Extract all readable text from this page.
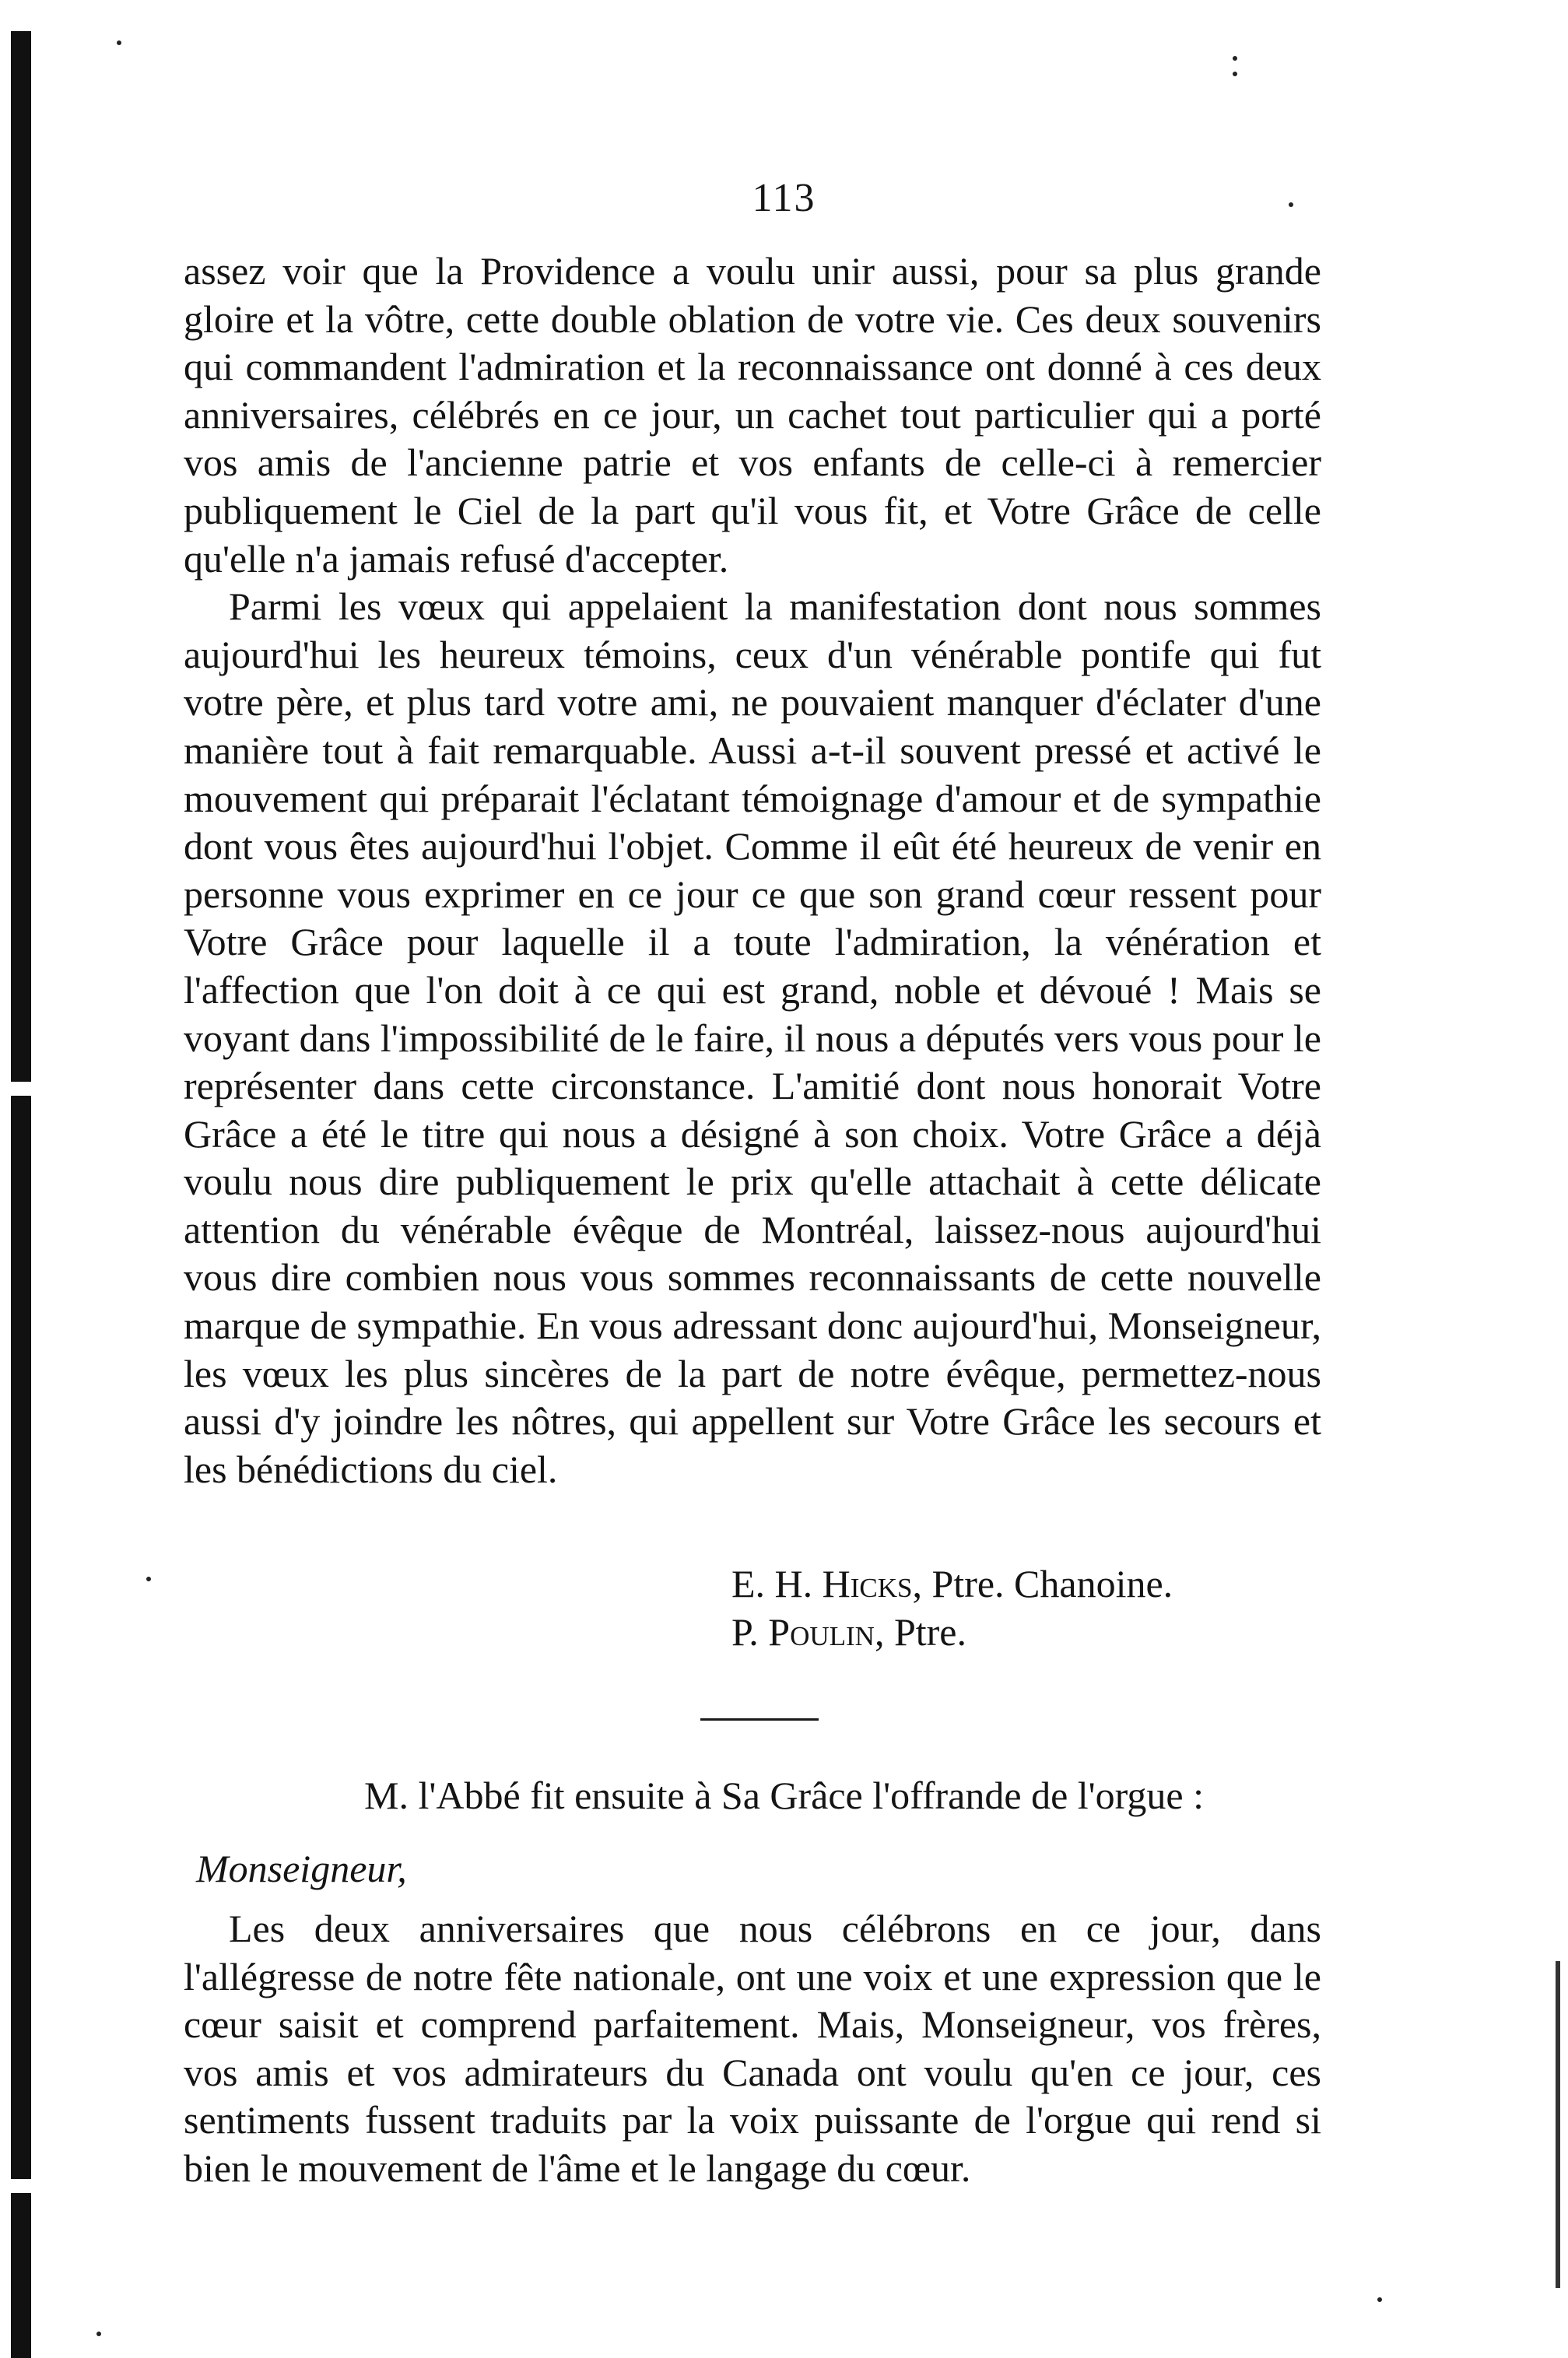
113

assez voir que la Providence a voulu unir aussi, pour sa plus grande gloire et la vôtre, cette double oblation de votre vie. Ces deux souvenirs qui commandent l'admiration et la reconnaissance ont donné à ces deux anniversaires, célébrés en ce jour, un cachet tout particulier qui a porté vos amis de l'ancienne patrie et vos enfants de celle-ci à remercier publiquement le Ciel de la part qu'il vous fit, et Votre Grâce de celle qu'elle n'a jamais refusé d'accepter.

Parmi les vœux qui appelaient la manifestation dont nous sommes aujourd'hui les heureux témoins, ceux d'un vénérable pontife qui fut votre père, et plus tard votre ami, ne pouvaient manquer d'éclater d'une manière tout à fait remarquable. Aussi a-t-il souvent pressé et activé le mouvement qui préparait l'éclatant témoignage d'amour et de sympathie dont vous êtes aujourd'hui l'objet. Comme il eût été heureux de venir en personne vous exprimer en ce jour ce que son grand cœur ressent pour Votre Grâce pour laquelle il a toute l'admiration, la vénération et l'affection que l'on doit à ce qui est grand, noble et dévoué ! Mais se voyant dans l'impossibilité de le faire, il nous a députés vers vous pour le représenter dans cette circonstance. L'amitié dont nous honorait Votre Grâce a été le titre qui nous a désigné à son choix. Votre Grâce a déjà voulu nous dire publiquement le prix qu'elle attachait à cette délicate attention du vénérable évêque de Montréal, laissez-nous aujourd'hui vous dire combien nous vous sommes reconnaissants de cette nouvelle marque de sympathie. En vous adressant donc aujourd'hui, Monseigneur, les vœux les plus sincères de la part de notre évêque, permettez-nous aussi d'y joindre les nôtres, qui appellent sur Votre Grâce les secours et les bénédictions du ciel.

E. H. Hicks, Ptre. Chanoine.
P. Poulin, Ptre.
M. l'Abbé fit ensuite à Sa Grâce l'offrande de l'orgue :
Monseigneur,

Les deux anniversaires que nous célébrons en ce jour, dans l'allégresse de notre fête nationale, ont une voix et une expression que le cœur saisit et comprend parfaitement. Mais, Monseigneur, vos frères, vos amis et vos admirateurs du Canada ont voulu qu'en ce jour, ces sentiments fussent traduits par la voix puissante de l'orgue qui rend si bien le mouvement de l'âme et le langage du cœur.
